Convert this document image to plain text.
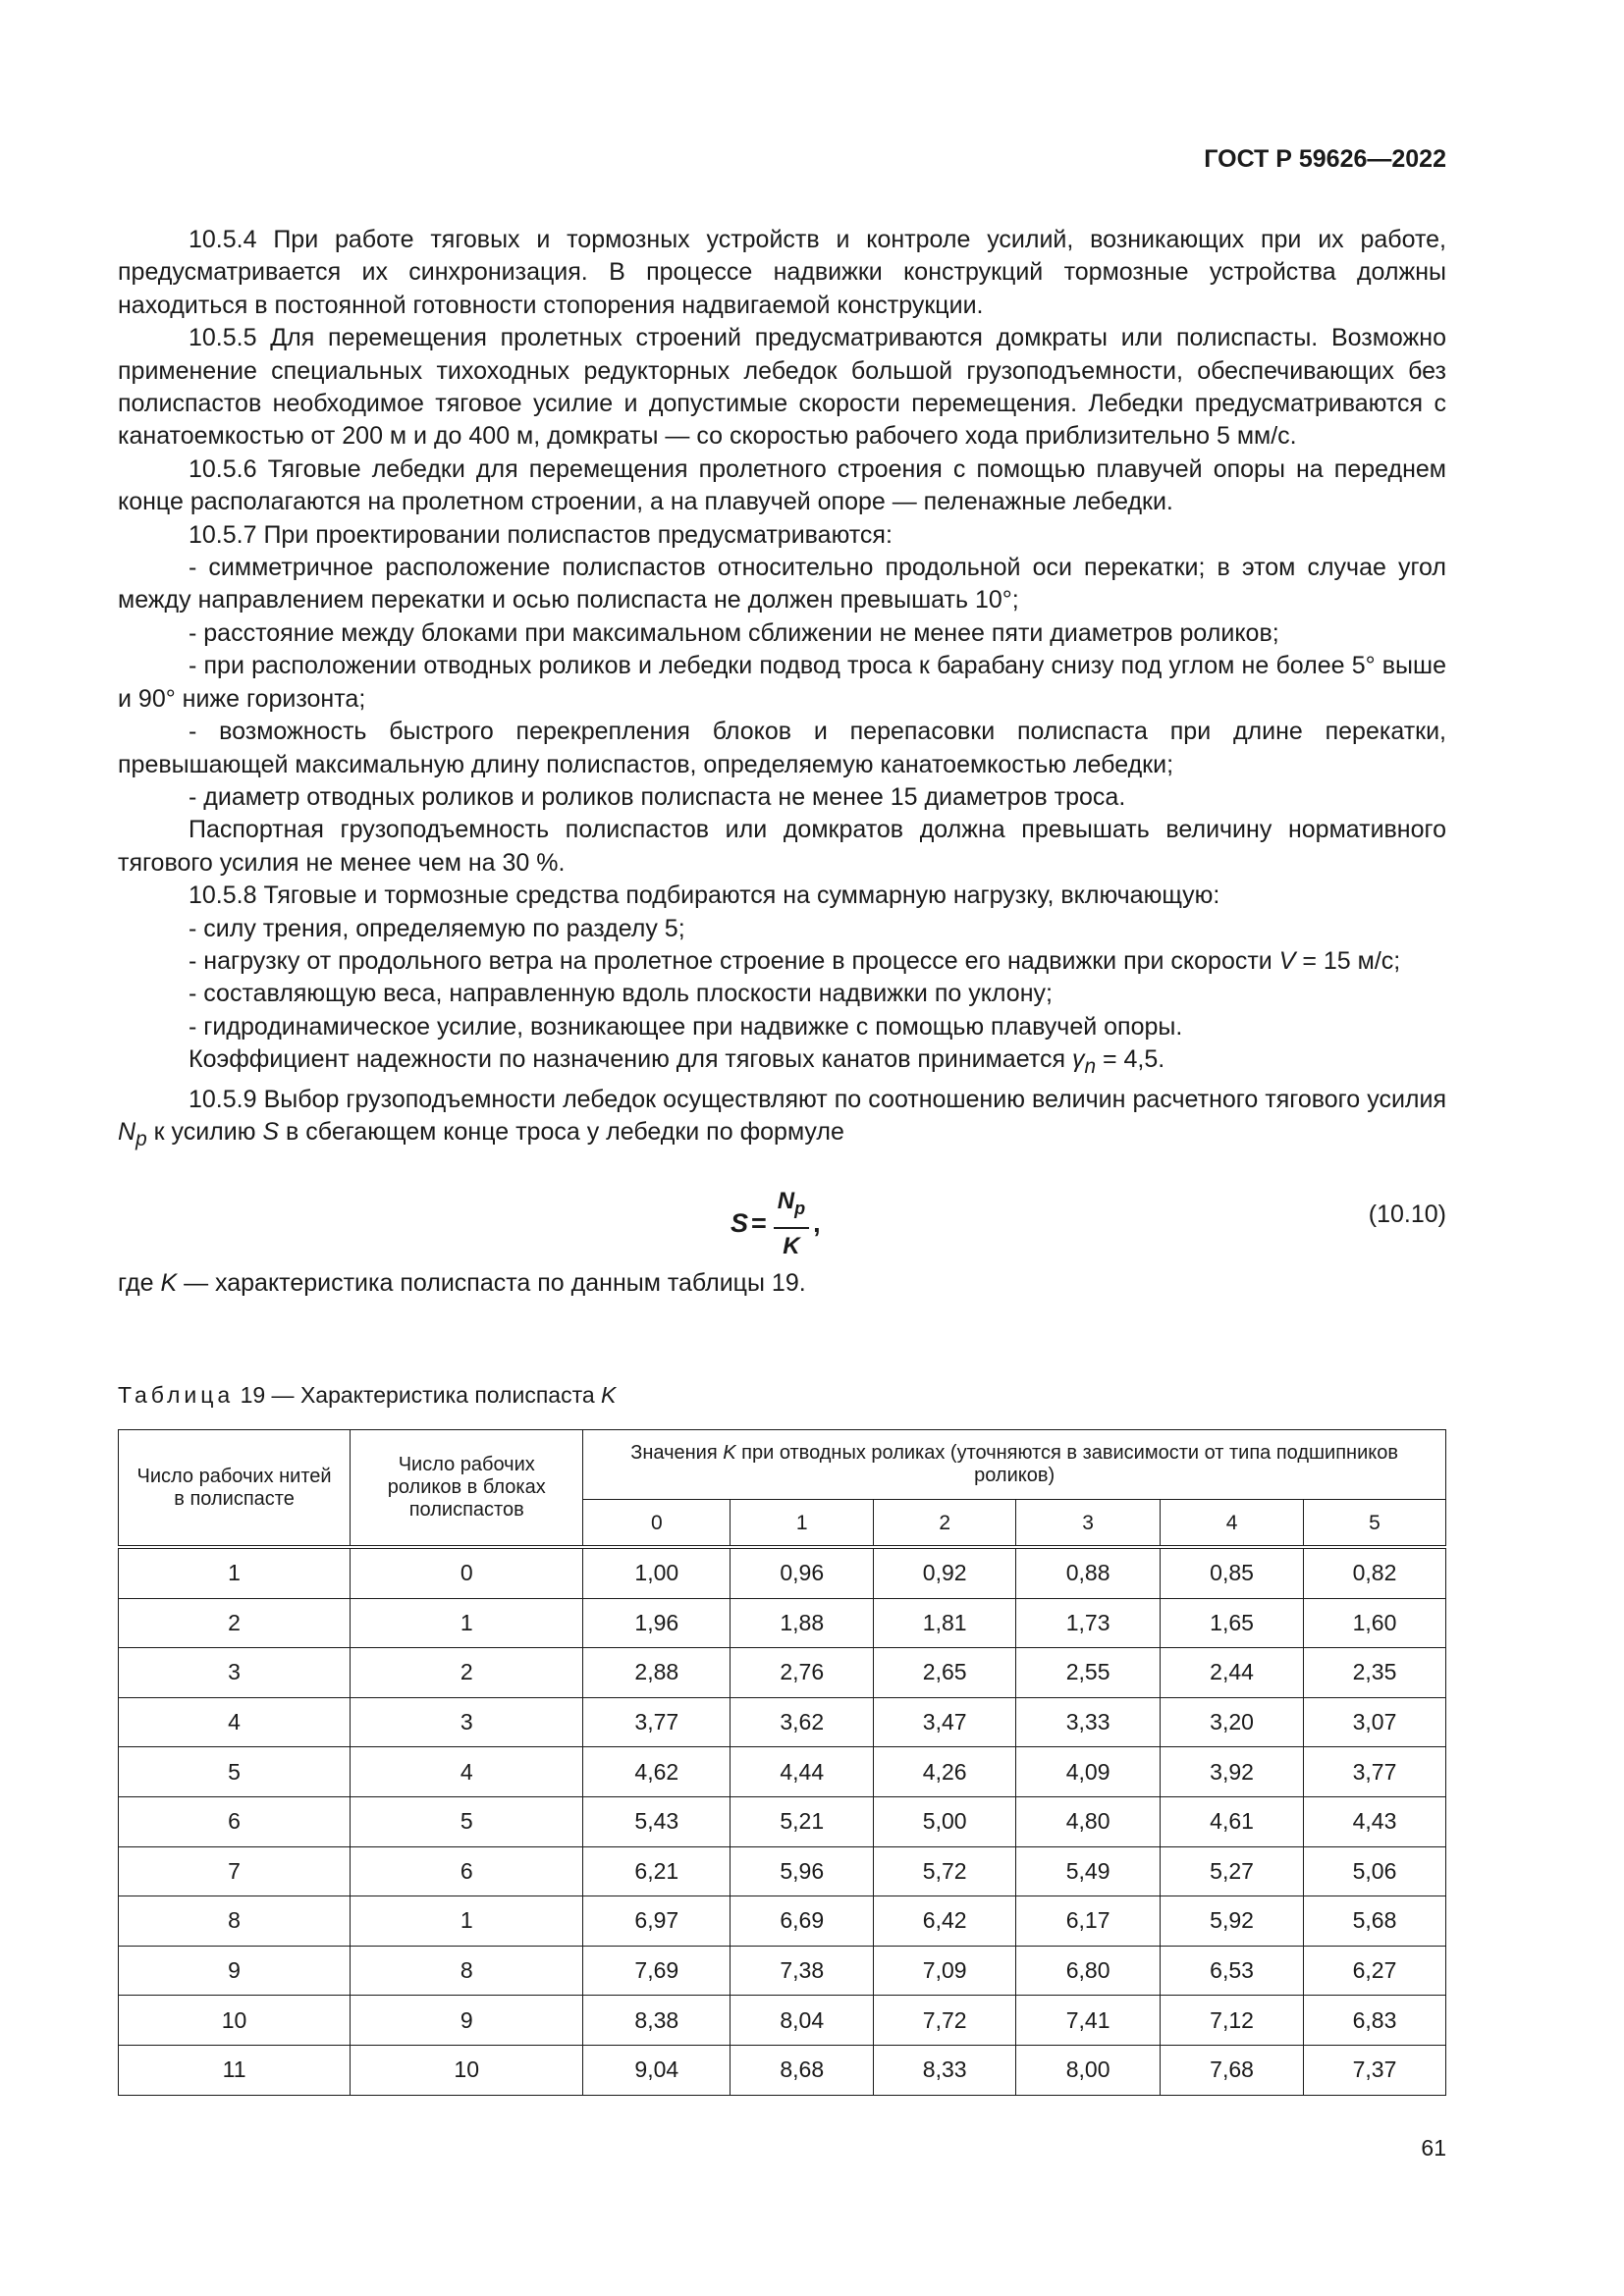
ГОСТ Р 59626—2022

10.5.4 При работе тяговых и тормозных устройств и контроле усилий, возникающих при их работе, предусматривается их синхронизация. В процессе надвижки конструкций тормозные устройства должны находиться в постоянной готовности стопорения надвигаемой конструкции.

10.5.5 Для перемещения пролетных строений предусматриваются домкраты или полиспасты. Возможно применение специальных тихоходных редукторных лебедок большой грузоподъемности, обеспечивающих без полиспастов необходимое тяговое усилие и допустимые скорости перемещения. Лебедки предусматриваются с канатоемкостью от 200 м и до 400 м, домкраты — со скоростью рабочего хода приблизительно 5 мм/с.

10.5.6 Тяговые лебедки для перемещения пролетного строения с помощью плавучей опоры на переднем конце располагаются на пролетном строении, а на плавучей опоре — пеленажные лебедки.

10.5.7 При проектировании полиспастов предусматриваются:

- симметричное расположение полиспастов относительно продольной оси перекатки; в этом случае угол между направлением перекатки и осью полиспаста не должен превышать 10°;

- расстояние между блоками при максимальном сближении не менее пяти диаметров роликов;

- при расположении отводных роликов и лебедки подвод троса к барабану снизу под углом не более 5° выше и 90° ниже горизонта;

- возможность быстрого перекрепления блоков и перепасовки полиспаста при длине перекатки, превышающей максимальную длину полиспастов, определяемую канатоемкостью лебедки;

- диаметр отводных роликов и роликов полиспаста не менее 15 диаметров троса.

Паспортная грузоподъемность полиспастов или домкратов должна превышать величину нормативного тягового усилия не менее чем на 30 %.

10.5.8 Тяговые и тормозные средства подбираются на суммарную нагрузку, включающую:

- силу трения, определяемую по разделу 5;

- нагрузку от продольного ветра на пролетное строение в процессе его надвижки при скорости V = 15 м/с;

- составляющую веса, направленную вдоль плоскости надвижки по уклону;

- гидродинамическое усилие, возникающее при надвижке с помощью плавучей опоры.

Коэффициент надежности по назначению для тяговых канатов принимается $\gamma_n = 4,5$.

10.5.9 Выбор грузоподъемности лебедок осуществляют по соотношению величин расчетного тягового усилия $N_p$ к усилию S в сбегающем конце троса у лебедки по формуле

$S = \frac{N_p}{K}$ ,	(10.10)

где K — характеристика полиспаста по данным таблицы 19.

Таблица 19 — Характеристика полиспаста K
Число рабочих нитей в полиспасте	Число рабочих роликов в блоках полиспастов	Значения K при отводных роликах (уточняются в зависимости от типа подшипников роликов)					
		0	1	2	3	4	5
1	0	1,00	0,96	0,92	0,88	0,85	0,82
2	1	1,96	1,88	1,81	1,73	1,65	1,60
3	2	2,88	2,76	2,65	2,55	2,44	2,35
4	3	3,77	3,62	3,47	3,33	3,20	3,07
5	4	4,62	4,44	4,26	4,09	3,92	3,77
6	5	5,43	5,21	5,00	4,80	4,61	4,43
7	6	6,21	5,96	5,72	5,49	5,27	5,06
8	1	6,97	6,69	6,42	6,17	5,92	5,68
9	8	7,69	7,38	7,09	6,80	6,53	6,27
10	9	8,38	8,04	7,72	7,41	7,12	6,83
11	10	9,04	8,68	8,33	8,00	7,68	7,37
61
